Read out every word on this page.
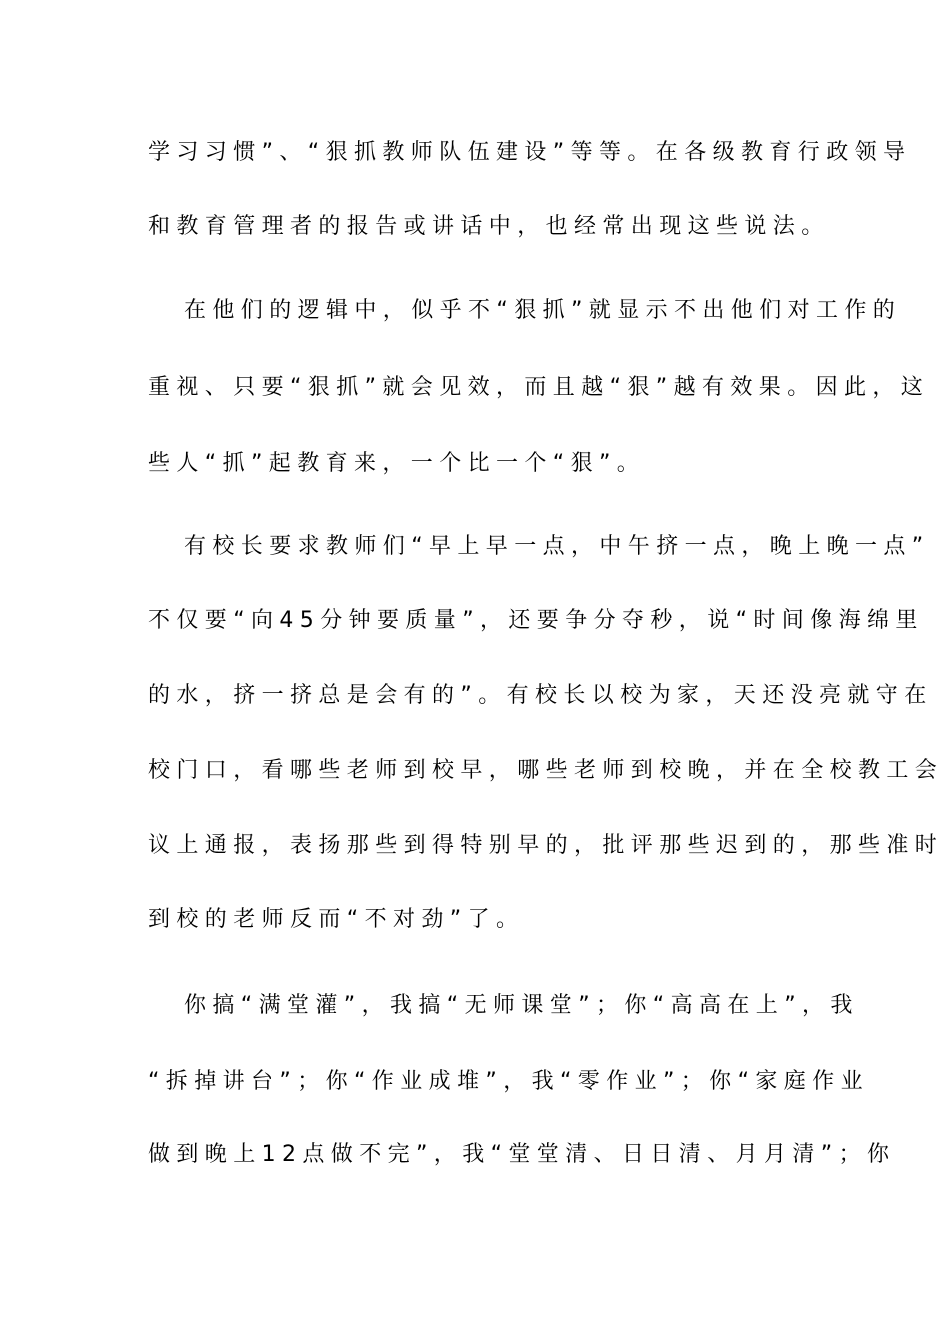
学习习惯”、“狠抓教师队伍建设”等等。在各级教育行政领导
和教育管理者的报告或讲话中，也经常出现这些说法。
在他们的逻辑中，似乎不“狠抓”就显示不出他们对工作的
重视、只要“狠抓”就会见效，而且越“狠”越有效果。因此，这
些人“抓”起教育来，一个比一个“狠”。
有校长要求教师们“早上早一点，中午挤一点，晚上晚一点”
不仅要“向45分钟要质量”，还要争分夺秒，说“时间像海绵里
的水，挤一挤总是会有的”。有校长以校为家，天还没亮就守在
校门口，看哪些老师到校早，哪些老师到校晚，并在全校教工会
议上通报，表扬那些到得特别早的，批评那些迟到的，那些准时
到校的老师反而“不对劲”了。
你搞“满堂灌”，我搞“无师课堂”；你“高高在上”，我
“拆掉讲台”；你“作业成堆”，我“零作业”；你“家庭作业
做到晚上12点做不完”，我“堂堂清、日日清、月月清”；你
